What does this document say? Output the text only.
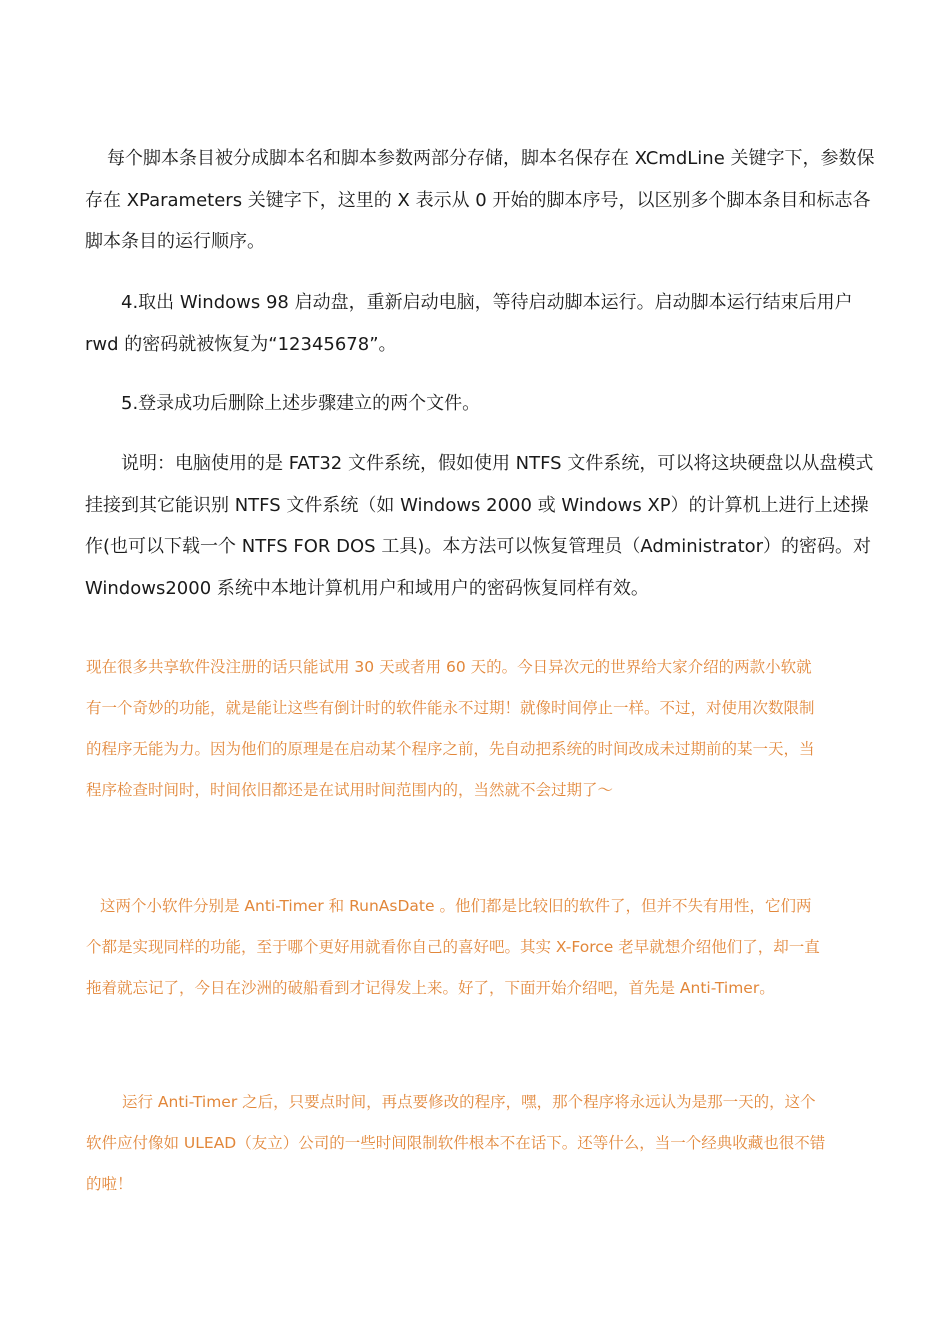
每个脚本条目被分成脚本名和脚本参数两部分存储，脚本名保存在 XCmdLine 关键字下，参数保存在 XParameters 关键字下，这里的 X 表示从 0 开始的脚本序号，以区别多个脚本条目和标志各脚本条目的运行顺序。

4.取出 Windows 98 启动盘，重新启动电脑，等待启动脚本运行。启动脚本运行结束后用户 rwd 的密码就被恢复为“12345678”。

5.登录成功后删除上述步骤建立的两个文件。

说明：电脑使用的是 FAT32 文件系统，假如使用 NTFS 文件系统，可以将这块硬盘以从盘模式挂接到其它能识别 NTFS 文件系统（如 Windows 2000 或 Windows XP）的计算机上进行上述操作(也可以下载一个 NTFS FOR DOS 工具)。本方法可以恢复管理员（Administrator）的密码。对 Windows2000 系统中本地计算机用户和域用户的密码恢复同样有效。

现在很多共享软件没注册的话只能试用 30 天或者用 60 天的。今日异次元的世界给大家介绍的两款小软就有一个奇妙的功能，就是能让这些有倒计时的软件能永不过期！就像时间停止一样。不过，对使用次数限制的程序无能为力。因为他们的原理是在启动某个程序之前，先自动把系统的时间改成未过期前的某一天，当程序检查时间时，时间依旧都还是在试用时间范围内的，当然就不会过期了～

这两个小软件分别是 Anti-Timer 和 RunAsDate 。他们都是比较旧的软件了，但并不失有用性，它们两个都是实现同样的功能，至于哪个更好用就看你自己的喜好吧。其实 X-Force 老早就想介绍他们了，却一直拖着就忘记了，今日在沙洲的破船看到才记得发上来。好了，下面开始介绍吧，首先是 Anti-Timer。

运行 Anti-Timer 之后，只要点时间，再点要修改的程序，嘿，那个程序将永远认为是那一天的，这个软件应付像如 ULEAD（友立）公司的一些时间限制软件根本不在话下。还等什么，当一个经典收藏也很不错的啦！
